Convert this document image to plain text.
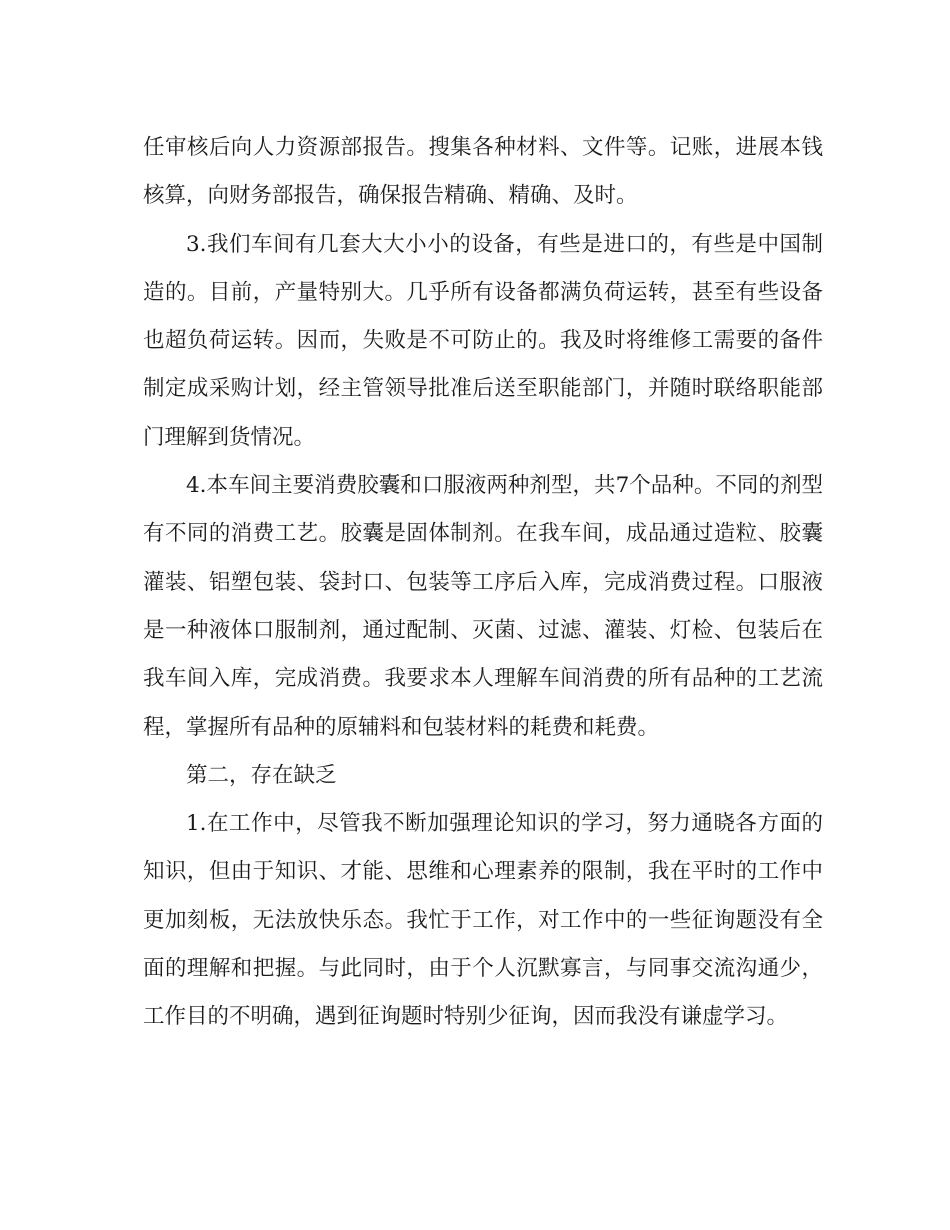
任审核后向人力资源部报告。搜集各种材料、文件等。记账，进展本钱核算，向财务部报告，确保报告精确、精确、及时。

3.我们车间有几套大大小小的设备，有些是进口的，有些是中国制造的。目前，产量特别大。几乎所有设备都满负荷运转，甚至有些设备也超负荷运转。因而，失败是不可防止的。我及时将维修工需要的备件制定成采购计划，经主管领导批准后送至职能部门，并随时联络职能部门理解到货情况。

4.本车间主要消费胶囊和口服液两种剂型，共7个品种。不同的剂型有不同的消费工艺。胶囊是固体制剂。在我车间，成品通过造粒、胶囊灌装、铝塑包装、袋封口、包装等工序后入库，完成消费过程。口服液是一种液体口服制剂，通过配制、灭菌、过滤、灌装、灯检、包装后在我车间入库，完成消费。我要求本人理解车间消费的所有品种的工艺流程，掌握所有品种的原辅料和包装材料的耗费和耗费。

第二，存在缺乏

1.在工作中，尽管我不断加强理论知识的学习，努力通晓各方面的知识，但由于知识、才能、思维和心理素养的限制，我在平时的工作中更加刻板，无法放快乐态。我忙于工作，对工作中的一些征询题没有全面的理解和把握。与此同时，由于个人沉默寡言，与同事交流沟通少，工作目的不明确，遇到征询题时特别少征询，因而我没有谦虚学习。
